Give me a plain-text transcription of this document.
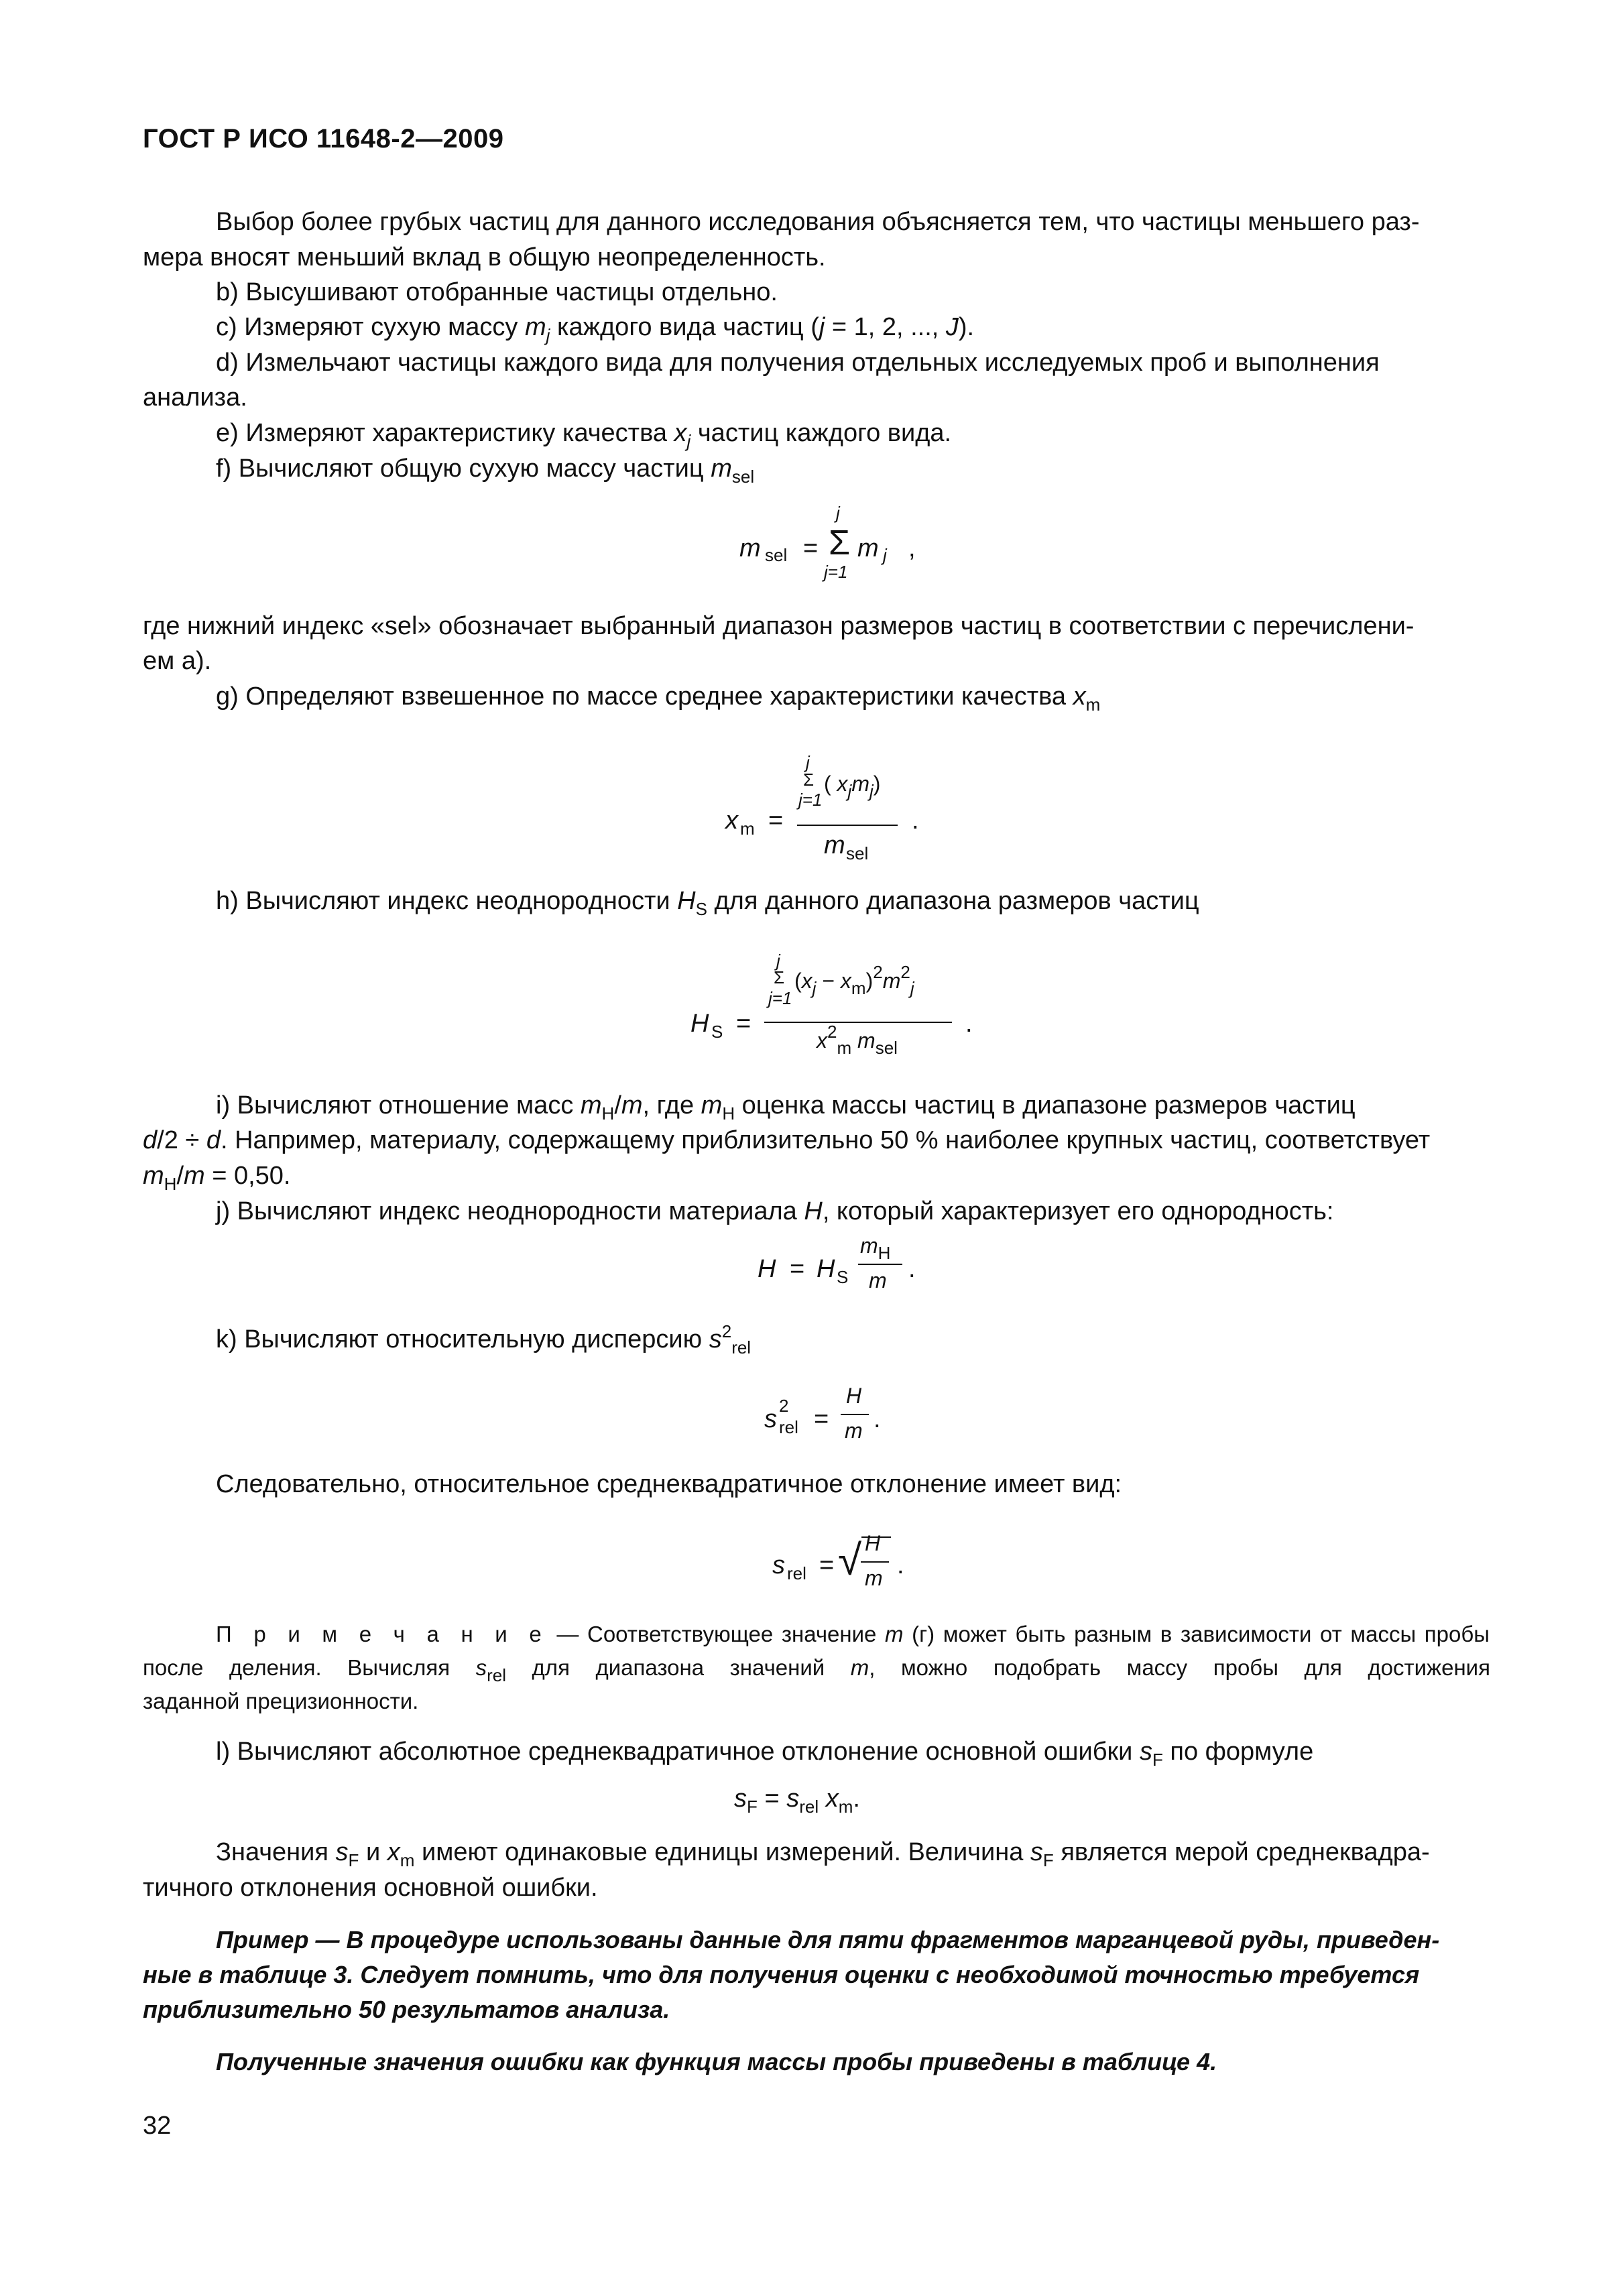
ГОСТ Р ИСО 11648-2—2009
Выбор более грубых частиц для данного исследования объясняется тем, что частицы меньшего раз-
мера вносят меньший вклад в общую неопределенность.
b) Высушивают отобранные частицы отдельно.
c) Измеряют сухую массу $m_j$ каждого вида частиц (j = 1, 2, ..., J).
d) Измельчают частицы каждого вида для получения отдельных исследуемых проб и выполнения
анализа.
e) Измеряют характеристику качества $x_j$ частиц каждого вида.
f) Вычисляют общую сухую массу частиц $m_{sel}$
m sel =
j
Σ
j=1
m j ,
где нижний индекс «sel» обозначает выбранный диапазон размеров частиц в соответствии с перечислени-
ем a).
g) Определяют взвешенное по массе среднее характеристики качества $x_m$
x m =
j
Σ
j=1
( $x_jm_j$)
m sel
.
h) Вычисляют индекс неоднородности $H_S$ для данного диапазона размеров частиц
H S =
j
Σ
j=1
$(x_j - x_m)^2m^2_j$
$x^2_m$ $m_{sel}$
.
i) Вычисляют отношение масс $m_H/m$, где $m_H$ оценка массы частиц в диапазоне размеров частиц
d/2 ÷ d. Например, материалу, содержащему приблизительно 50 % наиболее крупных частиц, соответствует
$m_H/m = 0,50$.
j) Вычисляют индекс неоднородности материала H, который характеризует его однородность:
H = H S
$m_H$
m .
k) Вычисляют относительную дисперсию $s^2_{rel}$
s 2
rel =
H
m .
Следовательно, относительное среднеквадратичное отклонение имеет вид:
s rel = √ H
m .
П р и м е ч а н и е — Соответствующее значение m (г) может быть разным в зависимости от массы пробы
после деления. Вычисляя $s_{rel}$ для диапазона значений m, можно подобрать массу пробы для достижения
заданной прецизионности.
l) Вычисляют абсолютное среднеквадратичное отклонение основной ошибки $s_F$ по формуле
$s_F = s_{rel}$ $x_m$.
Значения $s_F$ и $x_m$ имеют одинаковые единицы измерений. Величина $s_F$ является мерой среднеквадра-
тичного отклонения основной ошибки.
Пример — В процедуре использованы данные для пяти фрагментов марганцевой руды, приведен-
ные в таблице 3. Следует помнить, что для получения оценки с необходимой точностью требуется
приблизительно 50 результатов анализа.
Полученные значения ошибки как функция массы пробы приведены в таблице 4.
32
